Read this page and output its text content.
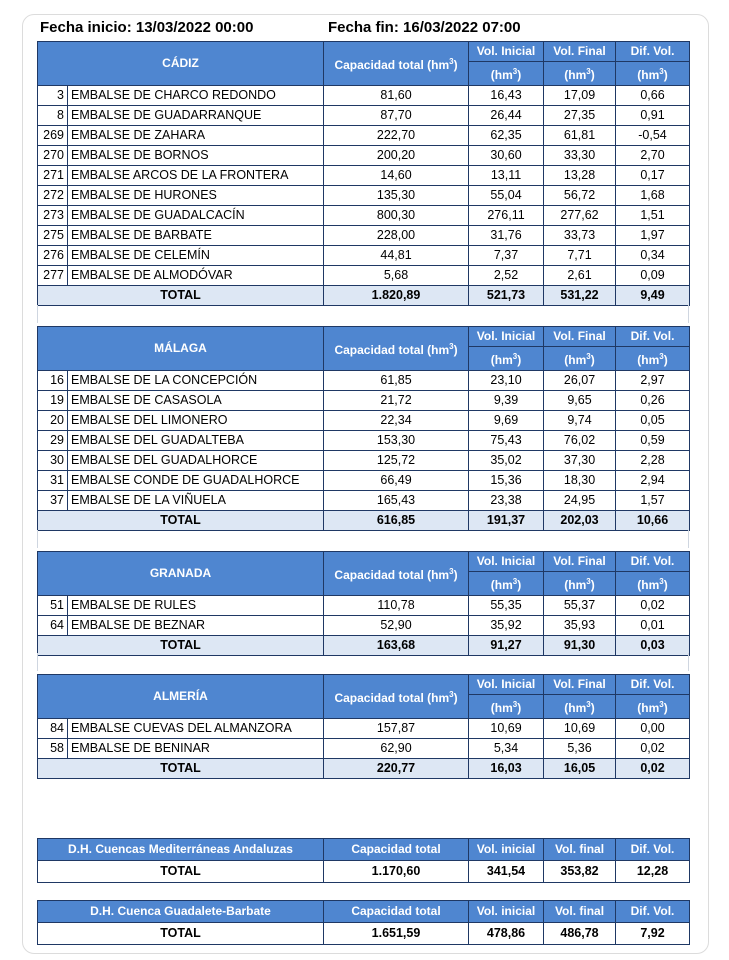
Fecha inicio: 13/03/2022 00:00	Fecha fin: 16/03/2022 07:00
CÁDIZ		Capacidad total $(hm^3)$	Vol. Inicial	Vol. Final	Dif. Vol.
			$(hm^3)$	$(hm^3)$	$(hm^3)$
3	EMBALSE DE CHARCO REDONDO	81,60	16,43	17,09	0,66
8	EMBALSE DE GUADARRANQUE	87,70	26,44	27,35	0,91
269	EMBALSE DE ZAHARA	222,70	62,35	61,81	-0,54
270	EMBALSE DE BORNOS	200,20	30,60	33,30	2,70
271	EMBALSE ARCOS DE LA FRONTERA	14,60	13,11	13,28	0,17
272	EMBALSE DE HURONES	135,30	55,04	56,72	1,68
273	EMBALSE DE GUADALCACÍN	800,30	276,11	277,62	1,51
275	EMBALSE DE BARBATE	228,00	31,76	33,73	1,97
276	EMBALSE DE CELEMÍN	44,81	7,37	7,71	0,34
277	EMBALSE DE ALMODÓVAR	5,68	2,52	2,61	0,09
TOTAL		1.820,89	521,73	531,22	9,49
MÁLAGA		Capacidad total $(hm^3)$	Vol. Inicial	Vol. Final	Dif. Vol.
			$(hm^3)$	$(hm^3)$	$(hm^3)$
16	EMBALSE DE LA CONCEPCIÓN	61,85	23,10	26,07	2,97
19	EMBALSE DE CASASOLA	21,72	9,39	9,65	0,26
20	EMBALSE DEL LIMONERO	22,34	9,69	9,74	0,05
29	EMBALSE DEL GUADALTEBA	153,30	75,43	76,02	0,59
30	EMBALSE DEL GUADALHORCE	125,72	35,02	37,30	2,28
31	EMBALSE CONDE DE GUADALHORCE	66,49	15,36	18,30	2,94
37	EMBALSE DE LA VIÑUELA	165,43	23,38	24,95	1,57
TOTAL		616,85	191,37	202,03	10,66
GRANADA		Capacidad total $(hm^3)$	Vol. Inicial	Vol. Final	Dif. Vol.
			$(hm^3)$	$(hm^3)$	$(hm^3)$
51	EMBALSE DE RULES	110,78	55,35	55,37	0,02
64	EMBALSE DE BEZNAR	52,90	35,92	35,93	0,01
TOTAL		163,68	91,27	91,30	0,03
ALMERÍA		Capacidad total $(hm^3)$	Vol. Inicial	Vol. Final	Dif. Vol.
			$(hm^3)$	$(hm^3)$	$(hm^3)$
84	EMBALSE CUEVAS DEL ALMANZORA	157,87	10,69	10,69	0,00
58	EMBALSE DE BENINAR	62,90	5,34	5,36	0,02
TOTAL		220,77	16,03	16,05	0,02
D.H. Cuencas Mediterráneas Andaluzas	Capacidad total	Vol. inicial	Vol. final	Dif. Vol.
TOTAL	1.170,60	341,54	353,82	12,28
D.H. Cuenca Guadalete-Barbate	Capacidad total	Vol. inicial	Vol. final	Dif. Vol.
TOTAL	1.651,59	478,86	486,78	7,92
